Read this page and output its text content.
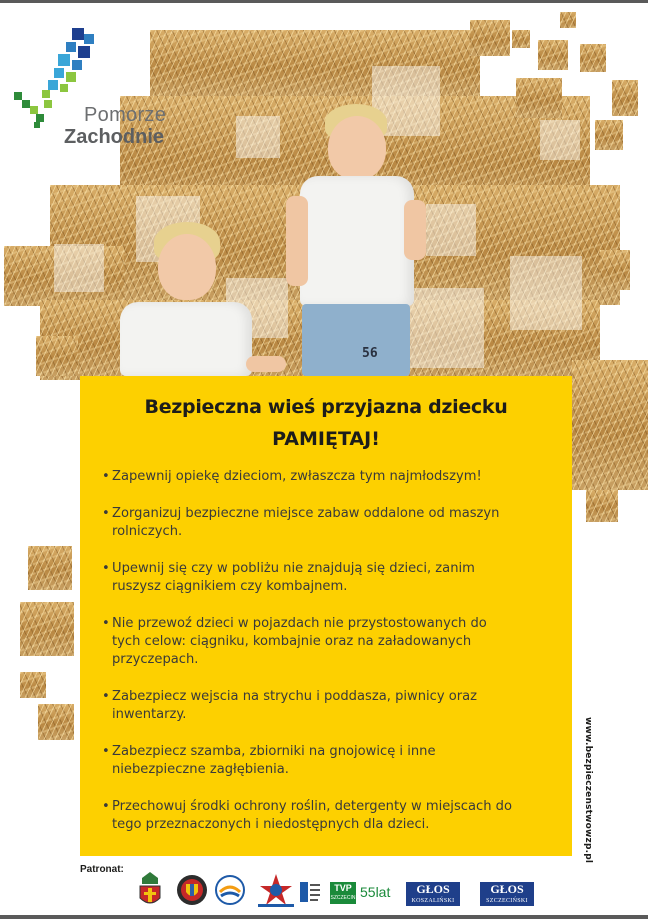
56
Pomorze
Zachodnie
Bezpieczna wieś przyjazna dziecku
PAMIĘTAJ!
• Zapewnij opiekę dzieciom, zwłaszcza tym najmłodszym!
• Zorganizuj bezpieczne miejsce zabaw oddalone od maszyn
rolniczych.
• Upewnij się czy w pobliżu nie znajdują się dzieci, zanim
ruszysz ciągnikiem czy kombajnem.
• Nie przewoź dzieci w pojazdach nie przystostowanych do
tych celow: ciągniku, kombajnie oraz na załadowanych
przyczepach.
• Zabezpiecz wejscia na strychu i poddasza, piwnicy oraz
inwentarzy.
• Zabezpiecz szamba, zbiorniki na gnojowicę i inne
niebezpieczne zagłębienia.
• Przechowuj środki ochrony roślin, detergenty w miejscach do
tego przeznaczonych i niedostępnych dla dzieci.	www.bezpieczenstwowzp.pl
Patronat:
TVP
SZCZECIN 55lat	GŁOS
KOSZALIŃSKI
GŁOS
SZCZECIŃSKI
